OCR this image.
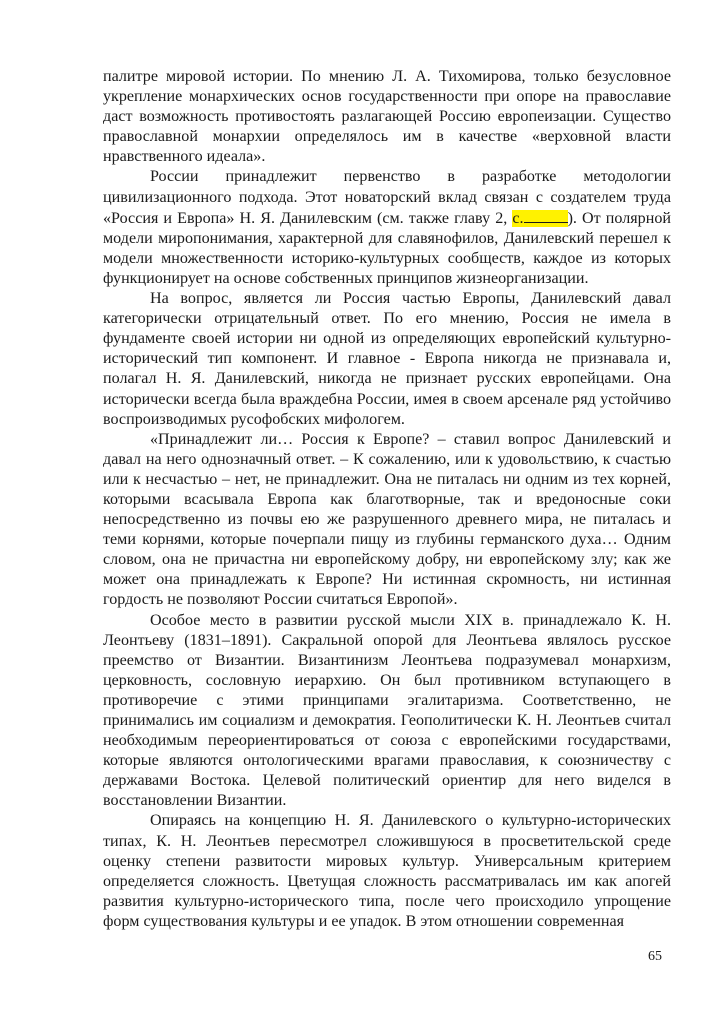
палитре мировой истории. По мнению Л. А. Тихомирова, только безусловное укрепление монархических основ государственности при опоре на православие даст возможность противостоять разлагающей Россию европеизации. Существо православной монархии определялось им в качестве «верховной власти нравственного идеала».

России принадлежит первенство в разработке методологии цивилизационного подхода. Этот новаторский вклад связан с создателем труда «Россия и Европа» Н. Я. Данилевским (см. также главу 2, с.	). От полярной модели миропонимания, характерной для славянофилов, Данилевский перешел к модели множественности историко-культурных сообществ, каждое из которых функционирует на основе собственных принципов жизнеорганизации.

На вопрос, является ли Россия частью Европы, Данилевский давал категорически отрицательный ответ. По его мнению, Россия не имела в фундаменте своей истории ни одной из определяющих европейский культурно-исторический тип компонент. И главное - Европа никогда не признавала и, полагал Н. Я. Данилевский, никогда не признает русских европейцами. Она исторически всегда была враждебна России, имея в своем арсенале ряд устойчиво воспроизводимых русофобских мифологем.

«Принадлежит ли… Россия к Европе? – ставил вопрос Данилевский и давал на него однозначный ответ. – К сожалению, или к удовольствию, к счастью или к несчастью – нет, не принадлежит. Она не питалась ни одним из тех корней, которыми всасывала Европа как благотворные, так и вредоносные соки непосредственно из почвы ею же разрушенного древнего мира, не питалась и теми корнями, которые почерпали пищу из глубины германского духа… Одним словом, она не причастна ни европейскому добру, ни европейскому злу; как же может она принадлежать к Европе? Ни истинная скромность, ни истинная гордость не позволяют России считаться Европой».

Особое место в развитии русской мысли XIX в. принадлежало К. Н. Леонтьеву (1831–1891). Сакральной опорой для Леонтьева являлось русское преемство от Византии. Византинизм Леонтьева подразумевал монархизм, церковность, сословную иерархию. Он был противником вступающего в противоречие с этими принципами эгалитаризма. Соответственно, не принимались им социализм и демократия. Геополитически К. Н. Леонтьев считал необходимым переориентироваться от союза с европейскими государствами, которые являются онтологическими врагами православия, к союзничеству с державами Востока. Целевой политический ориентир для него виделся в восстановлении Византии.

Опираясь на концепцию Н. Я. Данилевского о культурно-исторических типах, К. Н. Леонтьев пересмотрел сложившуюся в просветительской среде оценку степени развитости мировых культур. Универсальным критерием определяется сложность. Цветущая сложность рассматривалась им как апогей развития культурно-исторического типа, после чего происходило упрощение форм существования культуры и ее упадок. В этом отношении современная

65
